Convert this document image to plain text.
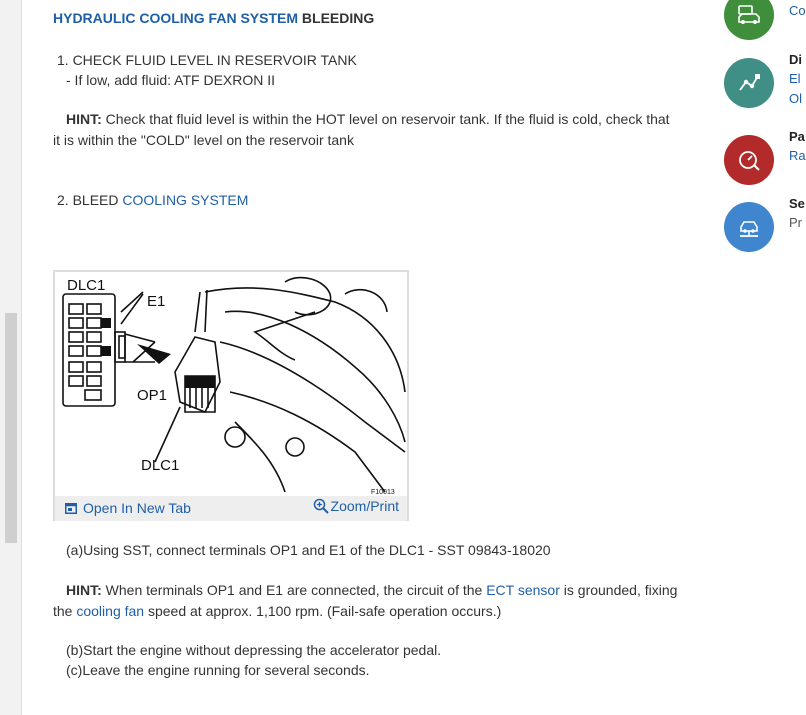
HYDRAULIC COOLING FAN SYSTEM BLEEDING
1. CHECK FLUID LEVEL IN RESERVOIR TANK
- If low, add fluid: ATF DEXRON II
HINT: Check that fluid level is within the HOT level on reservoir tank. If the fluid is cold, check that
it is within the "COLD" level on the reservoir tank
2. BLEED COOLING SYSTEM
DLC1
E1
OP1
DLC1
F10013
Open In New Tab	Zoom/Print
(a)Using SST, connect terminals OP1 and E1 of the DLC1 - SST 09843-18020
HINT: When terminals OP1 and E1 are connected, the circuit of the ECT sensor is grounded, fixing
the cooling fan speed at approx. 1,100 rpm. (Fail-safe operation occurs.)
(b)Start the engine without depressing the accelerator pedal.
(c)Leave the engine running for several seconds.
Co
Di
El
Ol
Pa
Ra
Se
Pr
